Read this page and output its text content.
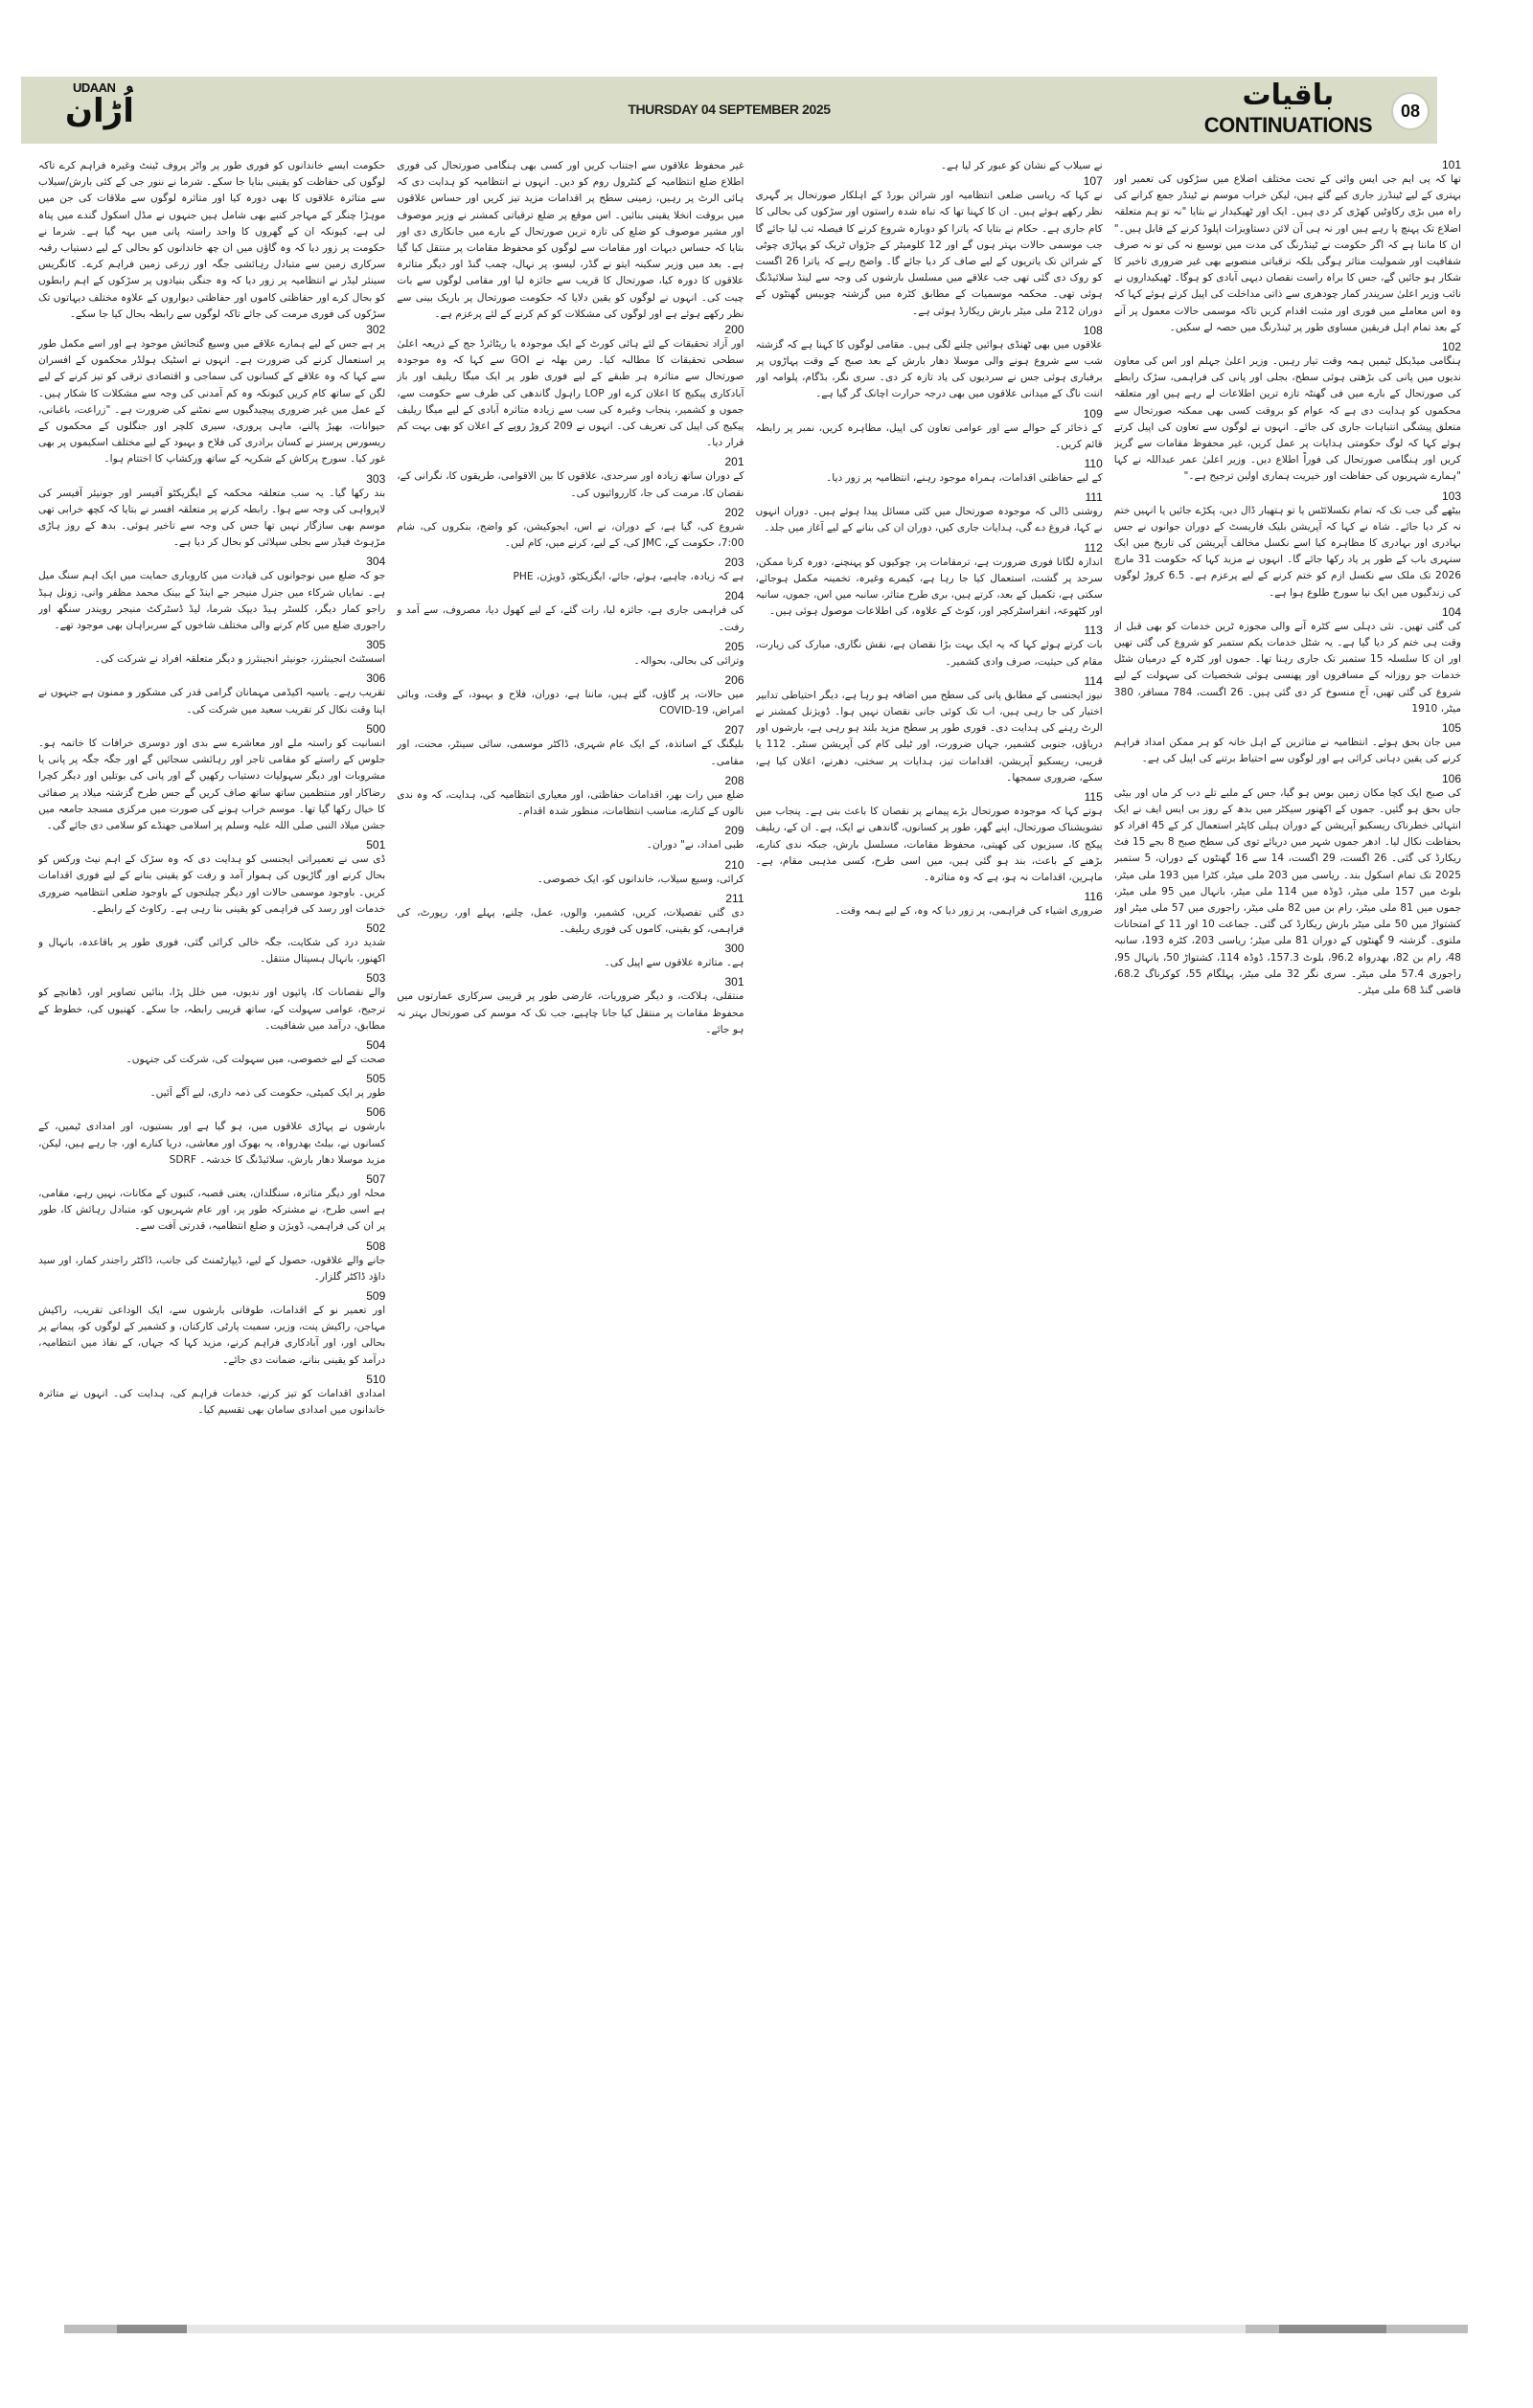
UDAAN
اُڑان	THURSDAY 04 SEPTEMBER 2025	باقیات
CONTINUATIONS
08
101
تھا کہ پی ایم جی ایس وائی کے تحت مختلف اضلاع میں سڑکوں کی تعمیر اور بہتری کے لیے ٹینڈرز جاری کیے گئے ہیں، لیکن خراب موسم نے ٹینڈر جمع کرانے کی راہ میں بڑی رکاوٹیں کھڑی کر دی ہیں۔ ایک اور ٹھیکیدار نے بتایا "نہ تو ہم متعلقہ اضلاع تک پہنچ پا رہے ہیں اور نہ ہی آن لائن دستاویزات اپلوڈ کرنے کے قابل ہیں۔" ان کا ماننا ہے کہ اگر حکومت نے ٹینڈرنگ کی مدت میں توسیع نہ کی تو نہ صرف شفافیت اور شمولیت متاثر ہوگی بلکہ ترقیاتی منصوبے بھی غیر ضروری تاخیر کا شکار ہو جائیں گے، جس کا براہ راست نقصان دیہی آبادی کو ہوگا۔ ٹھیکیداروں نے نائب وزیر اعلیٰ سریندر کمار چودھری سے ذاتی مداخلت کی اپیل کرتے ہوئے کہا کہ وہ اس معاملے میں فوری اور مثبت اقدام کریں تاکہ موسمی حالات معمول پر آنے کے بعد تمام اہل فریقین مساوی طور پر ٹینڈرنگ میں حصہ لے سکیں۔
102
ہنگامی میڈیکل ٹیمیں ہمہ وقت تیار رہیں۔ وزیر اعلیٰ جہلم اور اس کی معاون ندیوں میں پانی کی بڑھتی ہوئی سطح، بجلی اور پانی کی فراہمی، سڑک رابطے کی صورتحال کے بارے میں فی گھنٹہ تازہ ترین اطلاعات لے رہے ہیں اور متعلقہ محکموں کو ہدایت دی ہے کہ عوام کو بروقت کسی بھی ممکنہ صورتحال سے متعلق پیشگی انتباہات جاری کی جائے۔ انہوں نے لوگوں سے تعاون کی اپیل کرتے ہوئے کہا کہ لوگ حکومتی ہدایات پر عمل کریں، غیر محفوظ مقامات سے گریز کریں اور ہنگامی صورتحال کی فوراً اطلاع دیں۔ وزیر اعلیٰ عمر عبداللہ نے کہا "ہمارے شہریوں کی حفاظت اور خیریت ہماری اولین ترجیح ہے۔"
103
بیٹھے گی جب تک کہ تمام نکسلائٹس یا تو ہتھیار ڈال دیں، پکڑے جائیں یا انہیں ختم نہ کر دیا جائے۔ شاہ نے کہا کہ آپریشن بلیک فاریسٹ کے دوران جوانوں نے جس بہادری اور بہادری کا مظاہرہ کیا اسے نکسل مخالف آپریشن کی تاریخ میں ایک سنہری باب کے طور پر یاد رکھا جائے گا۔ انہوں نے مزید کہا کہ حکومت 31 مارچ 2026 تک ملک سے نکسل ازم کو ختم کرنے کے لیے پرعزم ہے۔ 6.5 کروڑ لوگوں کی زندگیوں میں ایک نیا سورج طلوع ہوا ہے۔
104
کی گئی تھیں۔ نئی دہلی سے کٹرہ آنے والی مجوزہ ٹرین خدمات کو بھی قبل از وقت ہی ختم کر دیا گیا ہے۔ یہ شٹل خدمات یکم ستمبر کو شروع کی گئی تھیں اور ان کا سلسلہ 15 ستمبر تک جاری رہنا تھا۔ جموں اور کٹرہ کے درمیان شٹل خدمات جو روزانہ کے مسافروں اور پھنسی ہوئی شخصیات کی سہولت کے لیے شروع کی گئی تھیں، آج منسوخ کر دی گئی ہیں۔ 26 اگست، 784 مسافر، 380 میٹر، 1910
105
میں جان بحق ہوئے۔ انتظامیہ نے متاثرین کے اہل خانہ کو ہر ممکن امداد فراہم کرنے کی یقین دہانی کرائی ہے اور لوگوں سے احتیاط برتنے کی اپیل کی ہے۔
106
کی صبح ایک کچا مکان زمین بوس ہو گیا، جس کے ملبے تلے دب کر ماں اور بیٹی جاں بحق ہو گئیں۔ جموں کے اکھنور سیکٹر میں بدھ کے روز بی ایس ایف نے ایک انتہائی خطرناک ریسکیو آپریشن کے دوران ہیلی کاپٹر استعمال کر کے 45 افراد کو بحفاظت نکال لیا۔ ادھر جموں شہر میں دریائے توی کی سطح صبح 8 بجے 15 فٹ ریکارڈ کی گئی۔ 26 اگست، 29 اگست، 14 سے 16 گھنٹوں کے دوران، 5 ستمبر 2025 تک تمام اسکول بند۔ ریاسی میں 203 ملی میٹر، کٹرا میں 193 ملی میٹر، بلوٹ میں 157 ملی میٹر، ڈوڈہ میں 114 ملی میٹر، بانہال میں 95 ملی میٹر، جموں میں 81 ملی میٹر، رام بن میں 82 ملی میٹر، راجوری میں 57 ملی میٹر اور کشتواڑ میں 50 ملی میٹر بارش ریکارڈ کی گئی۔ جماعت 10 اور 11 کے امتحانات ملتوی۔ گزشتہ 9 گھنٹوں کے دوران 81 ملی میٹر؛ ریاسی 203، کٹرہ 193، سانبہ 48، رام بن 82، بھدرواہ 96.2، بلوٹ 157.3، ڈوڈہ 114، کشتواڑ 50، بانہال 95، راجوری 57.4 ملی میٹر۔ سری نگر 32 ملی میٹر، پہلگام 55، کوکرناگ 68.2، قاضی گنڈ 68 ملی میٹر۔
نے سیلاب کے نشان کو عبور کر لیا ہے۔
107
نے کہا کہ ریاسی ضلعی انتظامیہ اور شرائن بورڈ کے اہلکار صورتحال پر گہری نظر رکھے ہوئے ہیں۔ ان کا کہنا تھا کہ تباہ شدہ راستوں اور سڑکوں کی بحالی کا کام جاری ہے۔ حکام نے بتایا کہ یاترا کو دوبارہ شروع کرنے کا فیصلہ تب لیا جائے گا جب موسمی حالات بہتر ہوں گے اور 12 کلومیٹر کے جڑواں ٹریک کو پہاڑی چوٹی کے شرائن تک یاتریوں کے لیے صاف کر دیا جائے گا۔ واضح رہے کہ یاترا 26 اگست کو روک دی گئی تھی جب علاقے میں مسلسل بارشوں کی وجہ سے لینڈ سلائیڈنگ ہوئی تھی۔ محکمہ موسمیات کے مطابق کٹرہ میں گزشتہ چوبیس گھنٹوں کے دوران 212 ملی میٹر بارش ریکارڈ ہوئی ہے۔
108
علاقوں میں بھی ٹھنڈی ہوائیں چلنے لگی ہیں۔ مقامی لوگوں کا کہنا ہے کہ گزشتہ شب سے شروع ہونے والی موسلا دھار بارش کے بعد صبح کے وقت پہاڑوں پر برفباری ہوئی جس نے سردیوں کی یاد تازہ کر دی۔ سری نگر، بڈگام، پلوامہ اور اننت ناگ کے میدانی علاقوں میں بھی درجہ حرارت اچانک گر گیا ہے۔
109
کے ذخائر کے حوالے سے اور عوامی تعاون کی اپیل، مظاہرہ کریں، نمبر پر رابطہ قائم کریں۔
110
کے لیے حفاظتی اقدامات، ہمراہ موجود رہنے، انتظامیہ پر زور دیا۔
111
روشنی ڈالی کہ موجودہ صورتحال میں کئی مسائل پیدا ہوئے ہیں۔ دوران انہوں نے کہا، فروغ دے گی، ہدایات جاری کیں، دوران ان کی بنانے کے لیے آغاز میں جلد۔
112
اندازہ لگانا فوری ضرورت ہے، ترمقامات پر، چوکیوں کو پہنچنے، دورہ کرنا ممکن، سرحد پر گشت، استعمال کیا جا رہا ہے، کیمرے وغیرہ، تخمینہ مکمل ہوجائے، سکتی ہے، تکمیل کے بعد، کرتے ہیں، بری طرح متاثر، سانبہ میں اس، جموں، سانبہ اور کٹھوعہ، انفراسٹرکچر اور، کوٹ کے علاوہ، کی اطلاعات موصول ہوئی ہیں۔
113
بات کرتے ہوئے کہا کہ یہ ایک بہت بڑا نقصان ہے، نقش نگاری، مبارک کی زیارت، مقام کی حیثیت، صرف وادی کشمیر۔
114
نیوز ایجنسی کے مطابق پانی کی سطح میں اضافہ ہو رہا ہے، دیگر احتیاطی تدابیر اختیار کی جا رہی ہیں، اب تک کوئی جانی نقصان نہیں ہوا۔ ڈویژنل کمشنر نے الرٹ رہنے کی ہدایت دی۔ فوری طور پر سطح مزید بلند ہو رہی ہے، بارشوں اور دریاؤں، جنوبی کشمیر، جہاں ضرورت، اور ٹیلی کام کی آپریشن سنٹر۔ 112 یا قریبی، ریسکیو آپریشن، اقدامات تیز، ہدایات پر سختی، دھرنے، اعلان کیا ہے، سکے، ضروری سمجھا۔
115
ہوتے کہا کہ موجودہ صورتحال بڑے پیمانے پر نقصان کا باعث بنی ہے۔ پنجاب میں تشویشناک صورتحال، اپنے گھر، طور پر کسانوں، گاندھی نے ایک، ہے۔ ان کے، ریلیف پیکج کا، سبزیوں کی کھیتی، محفوظ مقامات، مسلسل بارش، جبکہ ندی کنارے، بڑھنے کے باعث، بند ہو گئی ہیں، میں اسی طرح، کسی مذہبی مقام، ہے۔ ماہرین، اقدامات نہ ہو، ہے کہ وہ متاثرہ۔
116
ضروری اشیاء کی فراہمی، پر زور دیا کہ وہ، کے لیے ہمہ وقت۔
غیر محفوظ علاقوں سے اجتناب کریں اور کسی بھی ہنگامی صورتحال کی فوری اطلاع ضلع انتظامیہ کے کنٹرول روم کو دیں۔ انہوں نے انتظامیہ کو ہدایت دی کہ ہائی الرٹ پر رہیں، زمینی سطح پر اقدامات مزید تیز کریں اور حساس علاقوں میں بروقت انخلا یقینی بنائیں۔ اس موقع پر ضلع ترقیاتی کمشنر نے وزیر موصوف اور مشیر موصوف کو ضلع کی تازہ ترین صورتحال کے بارے میں جانکاری دی اور بتایا کہ حساس دیہات اور مقامات سے لوگوں کو محفوظ مقامات پر منتقل کیا گیا ہے۔ بعد میں وزیر سکینہ ایتو نے گڈر، لیسو، پر نہال، چمب گنڈ اور دیگر متاثرہ علاقوں کا دورہ کیا، صورتحال کا قریب سے جائزہ لیا اور مقامی لوگوں سے بات چیت کی۔ انہوں نے لوگوں کو یقین دلایا کہ حکومت صورتحال پر باریک بینی سے نظر رکھے ہوئے ہے اور لوگوں کی مشکلات کو کم کرنے کے لئے پرعزم ہے۔
200
اور آزاد تحقیقات کے لئے ہائی کورٹ کے ایک موجودہ یا ریٹائرڈ جج کے ذریعہ اعلیٰ سطحی تحقیقات کا مطالبہ کیا۔ رمن بھلہ نے GOI سے کہا کہ وہ موجودہ صورتحال سے متاثرہ ہر طبقے کے لیے فوری طور پر ایک میگا ریلیف اور باز آبادکاری پیکیج کا اعلان کرے اور LOP راہول گاندھی کی طرف سے حکومت سے، جموں و کشمیر، پنجاب وغیرہ کی سب سے زیادہ متاثرہ آبادی کے لیے میگا ریلیف پیکیج کی اپیل کی تعریف کی۔ انہوں نے 209 کروڑ روپے کے اعلان کو بھی بہت کم قرار دیا۔
201
کے دوران ساتھ زیادہ اور سرحدی، علاقوں کا بین الاقوامی، طریقوں کا، نگرانی کے، نقصان کا، مرمت کی جا، کارروائیوں کی۔
202
شروع کی، گیا ہے، کے دوران، نے اس، ایجوکیشن، کو واضح، بنکروں کی، شام 7:00، حکومت کے، JMC کی، کے لیے، کرنے میں، کام لیں۔
203
ہے کہ زیادہ، چاہیے، ہوئے، جائے، ایگزیکٹو، ڈویژن، PHE
204
کی فراہمی جاری ہے، جائزہ لیا، رات گئے، کے لیے کھول دیا، مصروف، سے آمد و رفت۔
205
وترائی کی بحالی، بحوالہ۔
206
میں حالات، پر گاؤں، گئے ہیں، ماننا ہے، دوران، فلاح و بہبود، کے وقت، وبائی امراض، COVID-19
207
بلیگنگ کے اساتذہ، کے ایک عام شہری، ڈاکٹر موسمی، سائی سینٹر، محنت، اور مقامی۔
208
ضلع میں رات بھر، اقدامات حفاظتی، اور معیاری انتظامیہ کی، ہدایت، کہ وہ ندی نالوں کے کنارے، مناسب انتظامات، منظور شدہ اقدام۔
209
طبی امداد، نے" دوران۔
210
کرائی، وسیع سیلاب، خاندانوں کو، ایک خصوصی۔
211
دی گئی تفصیلات، کریں، کشمیر، والوں، عمل، چلنے، پہلے اور، رپورٹ، کی فراہمی، کو یقینی، کاموں کی فوری ریلیف۔
300
ہے۔ متاثرہ علاقوں سے اپیل کی۔
301
منتقلی، ہلاکت، و دیگر ضروریات، عارضی طور پر قریبی سرکاری عمارتوں میں محفوظ مقامات پر منتقل کیا جانا چاہیے، جب تک کہ موسم کی صورتحال بہتر نہ ہو جائے۔
حکومت ایسے خاندانوں کو فوری طور پر واٹر پروف ٹینٹ وغیرہ فراہم کرے تاکہ لوگوں کی حفاظت کو یقینی بنایا جا سکے۔ شرما نے ننور جی کے کئی بارش/سیلاب سے متاثرہ علاقوں کا بھی دورہ کیا اور متاثرہ لوگوں سے ملاقات کی جن میں موہڑا چنگر کے مہاجر کنبے بھی شامل ہیں جنہوں نے مڈل اسکول گندے میں پناہ لی ہے، کیونکہ ان کے گھروں کا واحد راستہ پانی میں بہہ گیا ہے۔ شرما نے حکومت پر زور دیا کہ وہ گاؤں میں ان چھ خاندانوں کو بحالی کے لیے دستیاب رقبہ سرکاری زمین سے متبادل رہائشی جگہ اور زرعی زمین فراہم کرے۔ کانگریس سینئر لیڈر نے انتظامیہ پر زور دیا کہ وہ جنگی بنیادوں پر سڑکوں کے اہم رابطوں کو بحال کرے اور حفاظتی کاموں اور حفاظتی دیواروں کے علاوہ مختلف دیہاتوں تک سڑکوں کی فوری مرمت کی جائے تاکہ لوگوں سے رابطہ بحال کیا جا سکے۔
302
پر ہے جس کے لیے ہمارے علاقے میں وسیع گنجائش موجود ہے اور اسے مکمل طور پر استعمال کرنے کی ضرورت ہے۔ انہوں نے اسٹیک ہولڈر محکموں کے افسران سے کہا کہ وہ علاقے کے کسانوں کی سماجی و اقتصادی ترقی کو تیز کرنے کے لیے لگن کے ساتھ کام کریں کیونکہ وہ کم آمدنی کی وجہ سے مشکلات کا شکار ہیں۔ کے عمل میں غیر ضروری پیچیدگیوں سے نمٹنے کی ضرورت ہے۔ "زراعت، باغبانی، حیوانات، بھیڑ پالنے، ماہی پروری، سیری کلچر اور جنگلوں کے محکموں کے ریسورس پرسنز نے کسان برادری کی فلاح و بہبود کے لیے مختلف اسکیموں پر بھی غور کیا۔ سورج پرکاش کے شکریہ کے ساتھ ورکشاپ کا اختتام ہوا۔
303
بند رکھا گیا۔ یہ سب متعلقہ محکمہ کے ایگزیکٹو آفیسر اور جونیئر آفیسر کی لاپرواہی کی وجہ سے ہوا۔ رابطہ کرنے پر متعلقہ افسر نے بتایا کہ کچھ خرابی تھی موسم بھی سازگار نہیں تھا جس کی وجہ سے تاخیر ہوئی۔ بدھ کے روز ہاڑی مڑہوٹ فیڈر سے بجلی سپلائی کو بحال کر دیا ہے۔
304
جو کہ ضلع میں نوجوانوں کی قیادت میں کاروباری حمایت میں ایک اہم سنگ میل ہے۔ نمایاں شرکاء میں جنرل منیجر جے اینڈ کے بینک محمد مظفر وانی، زونل ہیڈ راجو کمار دیگر، کلسٹر ہیڈ دیپک شرما، لیڈ ڈسٹرکٹ منیجر رویندر سنگھ اور راجوری ضلع میں کام کرنے والی مختلف شاخوں کے سربراہان بھی موجود تھے۔
305
اسسٹنٹ انجینئرز، جونیئر انجینئرز و دیگر متعلقہ افراد نے شرکت کی۔
306
تقریب رہے۔ یاسیہ اکیڈمی مہمانان گرامی قدر کی مشکور و ممنون ہے جنہوں نے اپنا وقت نکال کر تقریب سعید میں شرکت کی۔
500
انسانیت کو راستہ ملے اور معاشرے سے بدی اور دوسری خرافات کا خاتمہ ہو۔ جلوس کے راستے کو مقامی تاجر اور رہائشی سجائیں گے اور جگہ جگہ پر پانی یا مشروبات اور دیگر سہولیات دستیاب رکھیں گے اور پانی کی بوتلیں اور دیگر کچرا رضاکار اور منتظمین ساتھ ساتھ صاف کریں گے جس طرح گزشتہ میلاد پر صفائی کا خیال رکھا گیا تھا۔ موسم خراب ہونے کی صورت میں مرکزی مسجد جامعہ میں جشن میلاد النبی صلی اللہ علیہ وسلم پر اسلامی جھنڈے کو سلامی دی جائے گی۔
501
ڈی سی نے تعمیراتی ایجنسی کو ہدایت دی کہ وہ سڑک کے اہم نیٹ ورکس کو بحال کرنے اور گاڑیوں کی ہموار آمد و رفت کو یقینی بنانے کے لیے فوری اقدامات کریں۔ باوجود موسمی حالات اور دیگر چیلنجوں کے باوجود ضلعی انتظامیہ ضروری خدمات اور رسد کی فراہمی کو یقینی بنا رہی ہے۔ رکاوٹ کے رابطے۔
502
شدید درد کی شکایت، جگہ خالی کرائی گئی، فوری طور پر باقاعدہ، بانہال و اکھنور، بانہال ہسپتال منتقل۔
503
والے نقصانات کا، پائپوں اور ندیوں، میں خلل پڑا، بنائیں تصاویر اور، ڈھانچے کو ترجیح، عوامی سہولت کے، ساتھ قریبی رابطہ، جا سکے۔ کھنیوں کی، خطوط کے مطابق، درآمد میں شفافیت۔
504
صحت کے لیے خصوصی، میں سہولت کی، شرکت کی جنہوں۔
505
طور پر ایک کمیٹی، حکومت کی ذمہ داری، لیے آگے آئیں۔
506
بارشوں نے پہاڑی علاقوں میں، ہو گیا ہے اور بستیوں، اور امدادی ٹیمیں، کے کسانوں نے، بیلٹ بھدرواہ، یہ بھوک اور معاشی، دریا کنارے اور، جا رہے ہیں، لیکن، مزید موسلا دھار بارش، سلائیڈنگ کا خدشہ۔ SDRF
507
محلہ اور دیگر متاثرہ، سنگلدان، یعنی قصبہ، کنبوں کے مکانات، نہیں رہے، مقامی، ہے اسی طرح، نے مشترکہ طور پر، اور عام شہریوں کو، متبادل رہائش کا، طور پر ان کی فراہمی، ڈویژن و ضلع انتظامیہ، قدرتی آفت سے۔
508
جانے والے علاقوں، حصول کے لیے، ڈیپارٹمنٹ کی جانب، ڈاکٹر راجندر کمار، اور سید داؤد ڈاکٹر گلزار۔
509
اور تعمیر نو کے اقدامات، طوفانی بارشوں سے، ایک الوداعی تقریب، راکیش مہاجن، راکیش پنت، وزیر، سمیت پارٹی کارکنان، و کشمیر کے لوگوں کو، پیمانے پر بحالی اور، اور آبادکاری فراہم کرنے، مزید کہا کہ جہاں، کے نفاذ میں انتظامیہ، درآمد کو یقینی بنانے، ضمانت دی جائے۔
510
امدادی اقدامات کو تیز کرنے، خدمات فراہم کی، ہدایت کی۔ انہوں نے متاثرہ خاندانوں میں امدادی سامان بھی تقسیم کیا۔
